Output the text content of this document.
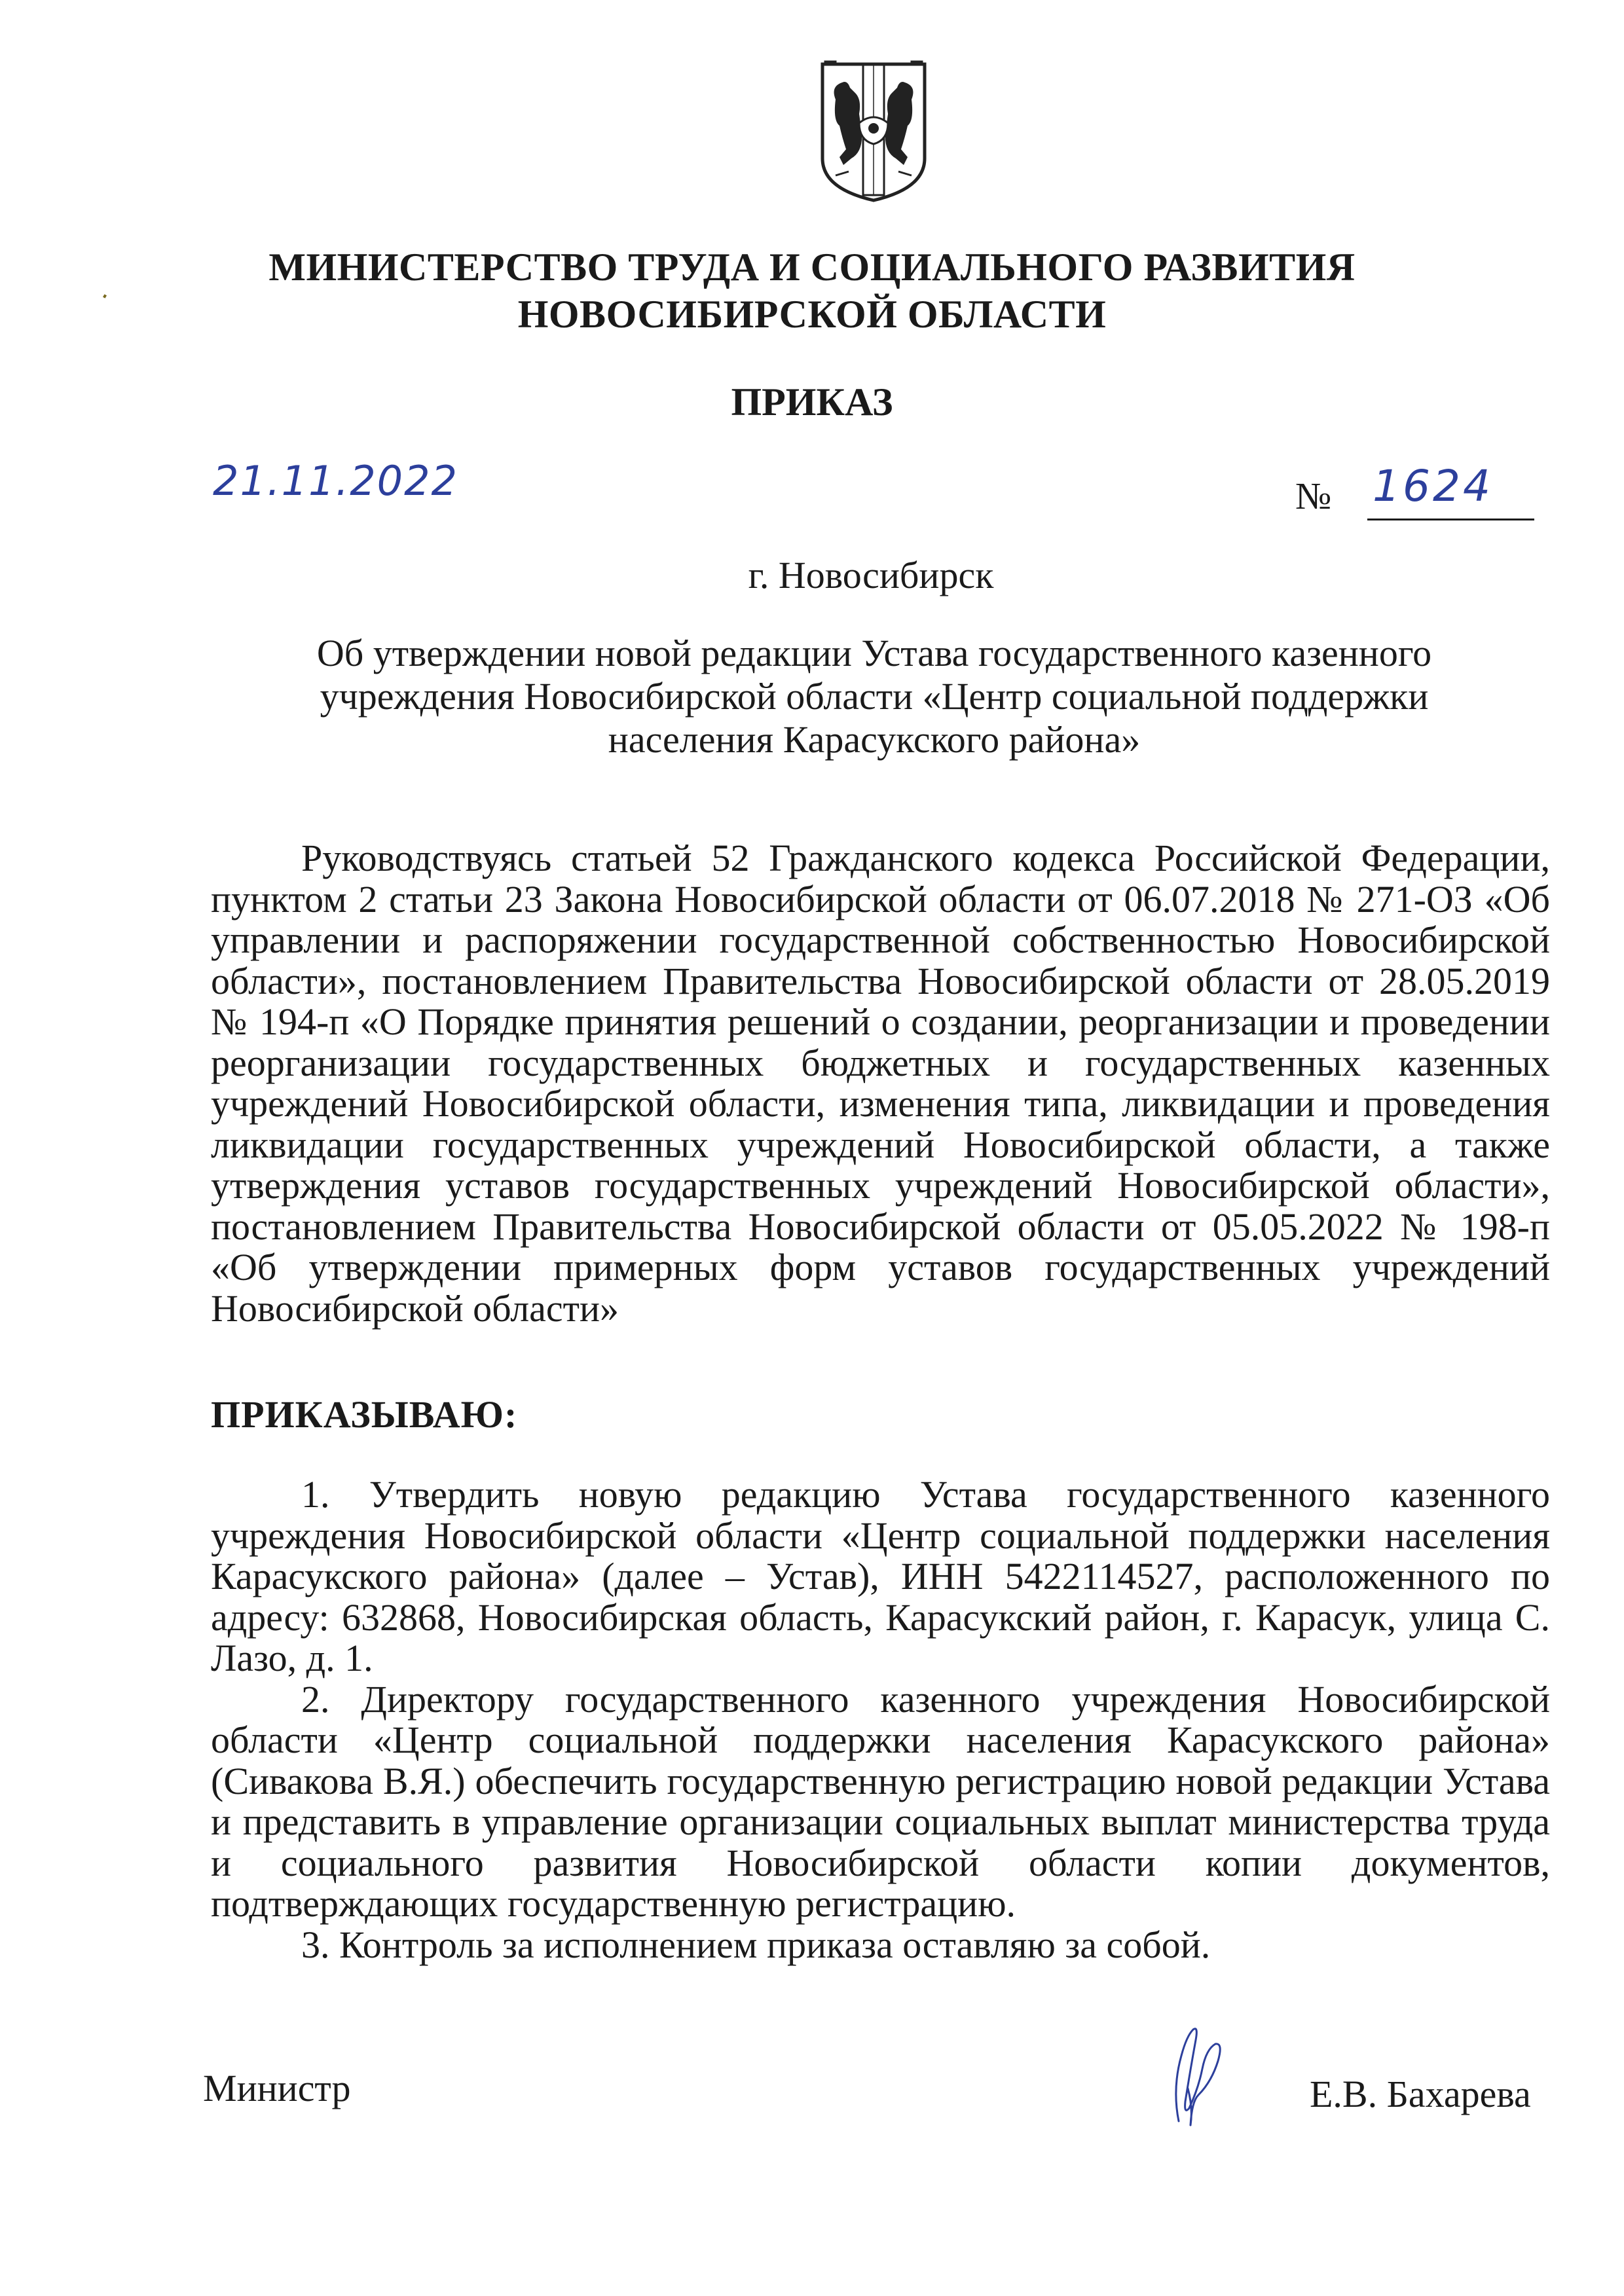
МИНИСТЕРСТВО ТРУДА И СОЦИАЛЬНОГО РАЗВИТИЯ
НОВОСИБИРСКОЙ ОБЛАСТИ
ПРИКАЗ
21.11.2022	№ 1624
г. Новосибирск
Об утверждении новой редакции Устава государственного казенного
учреждения Новосибирской области «Центр социальной поддержки
населения Карасукского района»
Руководствуясь статьей 52 Гражданского кодекса Российской Федерации, пунктом 2 статьи 23 Закона Новосибирской области от 06.07.2018 № 271-ОЗ «Об управлении и распоряжении государственной собственностью Новосибирской области», постановлением Правительства Новосибирской области от 28.05.2019 № 194-п «О Порядке принятия решений о создании, реорганизации и проведении реорганизации государственных бюджетных и государственных казенных учреждений Новосибирской области, изменения типа, ликвидации и проведения ликвидации государственных учреждений Новосибирской области, а также утверждения уставов государственных учреждений Новосибирской области», постановлением Правительства Новосибирской области от 05.05.2022 № 198-п «Об утверждении примерных форм уставов государственных учреждений Новосибирской области»
ПРИКАЗЫВАЮ:

1. Утвердить новую редакцию Устава государственного казенного учреждения Новосибирской области «Центр социальной поддержки населения Карасукского района» (далее – Устав), ИНН 5422114527, расположенного по адресу: 632868, Новосибирская область, Карасукский район, г. Карасук, улица С. Лазо, д. 1.

2. Директору государственного казенного учреждения Новосибирской области «Центр социальной поддержки населения Карасукского района» (Сивакова В.Я.) обеспечить государственную регистрацию новой редакции Устава и представить в управление организации социальных выплат министерства труда и социального развития Новосибирской области копии документов, подтверждающих государственную регистрацию.

3. Контроль за исполнением приказа оставляю за собой.

Министр	Е.В. Бахарева
